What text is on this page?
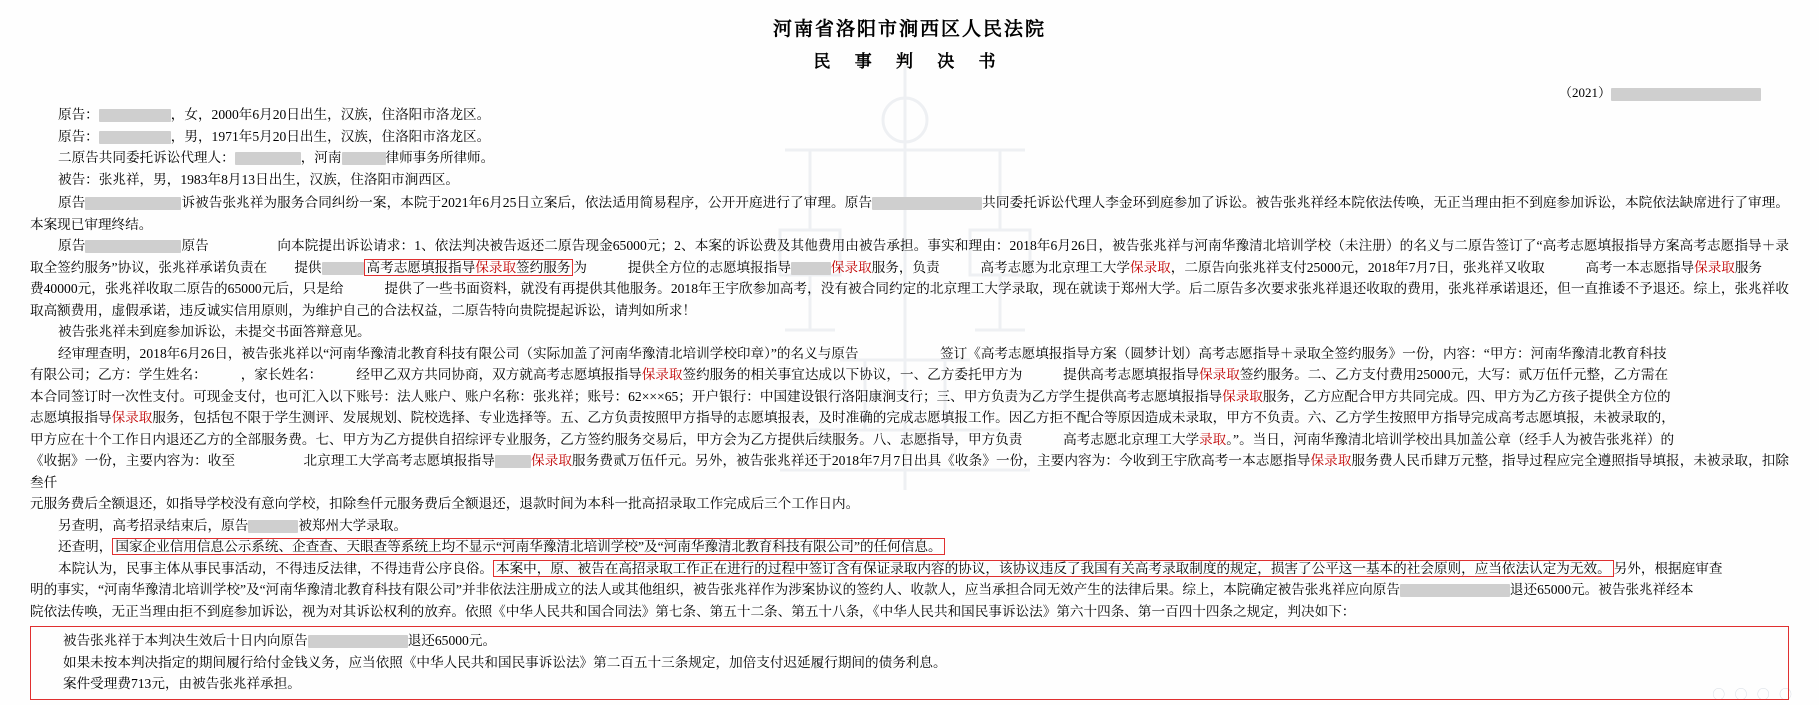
河南省洛阳市涧西区人民法院
民 事 判 决 书
（2021）

原告：	，女，2000年6月20日出生，汉族，住洛阳市洛龙区。

原告：	，男，1971年5月20日出生，汉族，住洛阳市洛龙区。

二原告共同委托诉讼代理人：	，河南	律师事务所律师。

被告：张兆祥，男，1983年8月13日出生，汉族，住洛阳市涧西区。

原告	诉被告张兆祥为服务合同纠纷一案，本院于2021年6月25日立案后，依法适用简易程序，公开开庭进行了审理。原告	共同委托诉讼代理人李金环到庭参加了诉讼。被告张兆祥经本院依法传唤，无正当理由拒不到庭参加诉讼，本院依法缺席进行了审理。本案现已审理终结。

原告	原告　　　　　向本院提出诉讼请求：1、依法判决被告返还二原告现金65000元；2、本案的诉讼费及其他费用由被告承担。事实和理由：2018年6月26日，被告张兆祥与河南华豫清北培训学校（未注册）的名义与二原告签订了“高考志愿填报指导方案高考志愿指导＋录取全签约服务”协议，张兆祥承诺负责在　　提供	高考志愿填报指导保录取签约服务 为　　　提供全方位的志愿填报指导	保录取服务，负责　　　高考志愿为北京理工大学保录取，二原告向张兆祥支付25000元，2018年7月7日，张兆祥又收取　　　高考一本志愿指导保录取服务

费40000元，张兆祥收取二原告的65000元后，只是给　　　提供了一些书面资料，就没有再提供其他服务。2018年王宇欣参加高考，没有被合同约定的北京理工大学录取，现在就读于郑州大学。后二原告多次要求张兆祥退还收取的费用，张兆祥承诺退还，但一直推诿不予退还。综上，张兆祥收取高额费用，虚假承诺，违反诚实信用原则，为维护自己的合法权益，二原告特向贵院提起诉讼，请判如所求！

被告张兆祥未到庭参加诉讼，未提交书面答辩意见。

经审理查明，2018年6月26日，被告张兆祥以“河南华豫清北教育科技有限公司（实际加盖了河南华豫清北培训学校印章）”的名义与原告　　　　　　签订《高考志愿填报指导方案（圆梦计划）高考志愿指导＋录取全签约服务》一份，内容：“甲方：河南华豫清北教育科技

有限公司；乙方：学生姓名：　　　，家长姓名：　　　经甲乙双方共同协商，双方就高考志愿填报指导保录取签约服务的相关事宜达成以下协议，一、乙方委托甲方为　　　提供高考志愿填报指导保录取签约服务。二、乙方支付费用25000元，大写：贰万伍仟元整，乙方需在

本合同签订时一次性支付。可现金支付，也可汇入以下账号：法人账户、账户名称：张兆祥；账号：62×××65；开户银行：中国建设银行洛阳康涧支行；三、甲方负责为乙方学生提供高考志愿填报指导保录取服务，乙方应配合甲方共同完成。四、甲方为乙方孩子提供全方位的

志愿填报指导保录取服务，包括包不限于学生测评、发展规划、院校选择、专业选择等。五、乙方负责按照甲方指导的志愿填报表，及时准确的完成志愿填报工作。因乙方拒不配合等原因造成未录取，甲方不负责。六、乙方学生按照甲方指导完成高考志愿填报，未被录取的，

甲方应在十个工作日内退还乙方的全部服务费。七、甲方为乙方提供自招综评专业服务，乙方签约服务交易后，甲方会为乙方提供后续服务。八、志愿指导，甲方负责　　　高考志愿北京理工大学录取。”。当日，河南华豫清北培训学校出具加盖公章（经手人为被告张兆祥）的

《收据》一份，主要内容为：收至　　　　　北京理工大学高考志愿填报指导	保录取服务费贰万伍仟元。另外，被告张兆祥还于2018年7月7日出具《收条》一份，主要内容为：今收到王宇欣高考一本志愿指导保录取服务费人民币肆万元整，指导过程应完全遵照指导填报，未被录取，扣除叁仟

元服务费后全额退还，如指导学校没有意向学校，扣除叁仟元服务费后全额退还，退款时间为本科一批高招录取工作完成后三个工作日内。

另查明，高考招录结束后，原告	被郑州大学录取。

还查明， 国家企业信用信息公示系统、企查查、天眼查等系统上均不显示“河南华豫清北培训学校”及“河南华豫清北教育科技有限公司”的任何信息。

本院认为，民事主体从事民事活动，不得违反法律，不得违背公序良俗。 本案中，原、被告在高招录取工作正在进行的过程中签订含有保证录取内容的协议，该协议违反了我国有关高考录取制度的规定，损害了公平这一基本的社会原则，应当依法认定为无效。 另外，根据庭审查

明的事实，“河南华豫清北培训学校”及“河南华豫清北教育科技有限公司”并非依法注册成立的法人或其他组织，被告张兆祥作为涉案协议的签约人、收款人，应当承担合同无效产生的法律后果。综上，本院确定被告张兆祥应向原告	退还65000元。被告张兆祥经本

院依法传唤，无正当理由拒不到庭参加诉讼，视为对其诉讼权利的放弃。依照《中华人民共和国合同法》第七条、第五十二条、第五十八条，《中华人民共和国民事诉讼法》第六十四条、第一百四十四条之规定，判决如下：

被告张兆祥于本判决生效后十日内向原告	退还65000元。

如果未按本判决指定的期间履行给付金钱义务，应当依照《中华人民共和国民事诉讼法》第二百五十三条规定，加倍支付迟延履行期间的债务利息。

案件受理费713元，由被告张兆祥承担。

〇 〇 〇 〇
